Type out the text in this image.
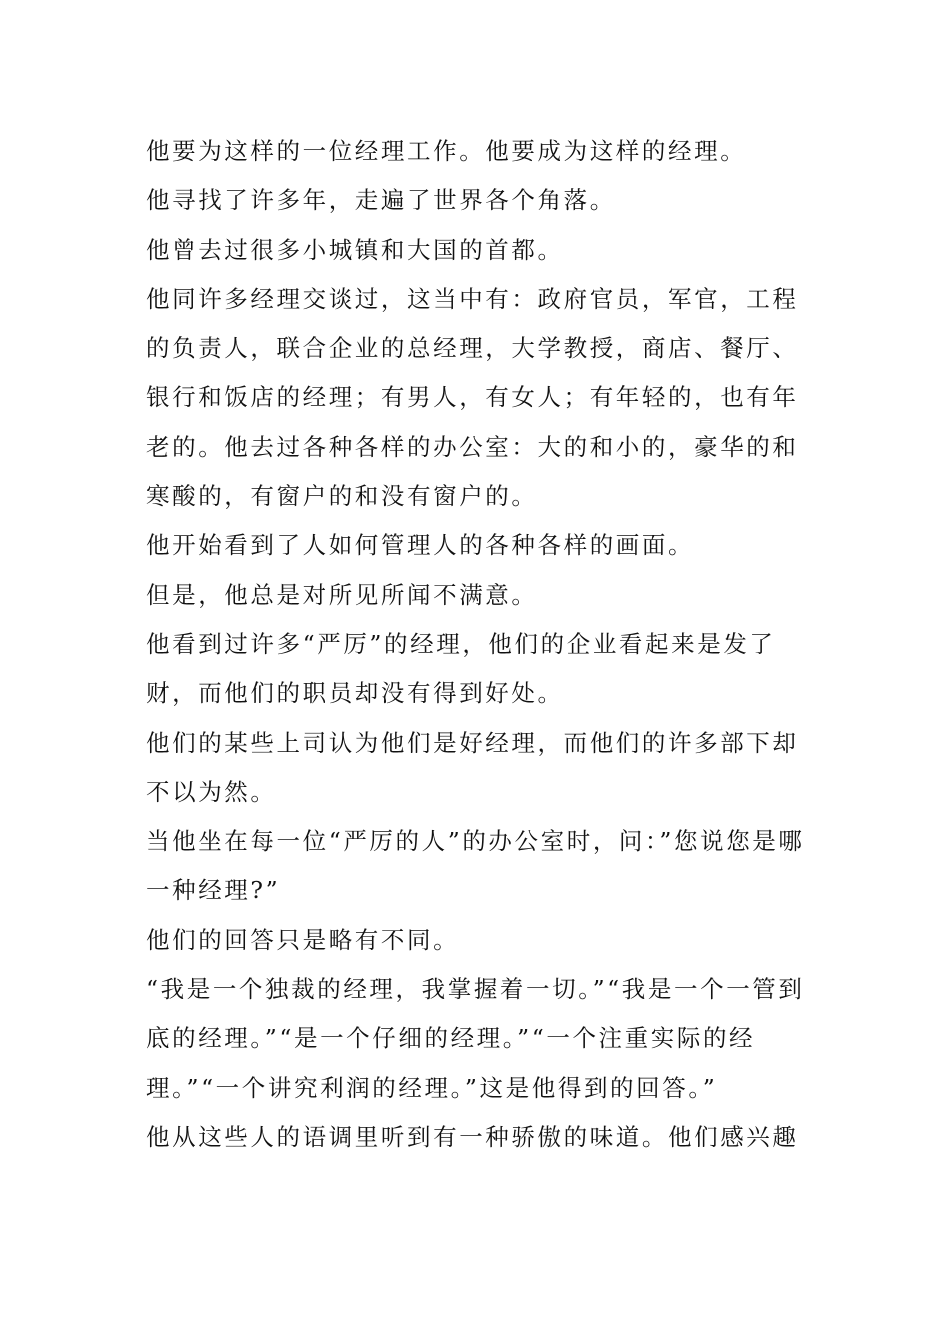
他要为这样的一位经理工作。他要成为这样的经理。

他寻找了许多年，走遍了世界各个角落。

他曾去过很多小城镇和大国的首都。

他同许多经理交谈过，这当中有：政府官员，军官，工程的负责人，联合企业的总经理，大学教授，商店、餐厅、银行和饭店的经理；有男人，有女人；有年轻的，也有年老的。他去过各种各样的办公室：大的和小的，豪华的和寒酸的，有窗户的和没有窗户的。

他开始看到了人如何管理人的各种各样的画面。

但是，他总是对所见所闻不满意。

他看到过许多“严厉”的经理，他们的企业看起来是发了财，而他们的职员却没有得到好处。

他们的某些上司认为他们是好经理，而他们的许多部下却不以为然。

当他坐在每一位“严厉的人”的办公室时，问：”您说您是哪一种经理?”

他们的回答只是略有不同。

“我是一个独裁的经理，我掌握着一切。”“我是一个一管到底的经理。”“是一个仔细的经理。”“一个注重实际的经理。”“一个讲究利润的经理。”这是他得到的回答。”

他从这些人的语调里听到有一种骄傲的味道。他们感兴趣
